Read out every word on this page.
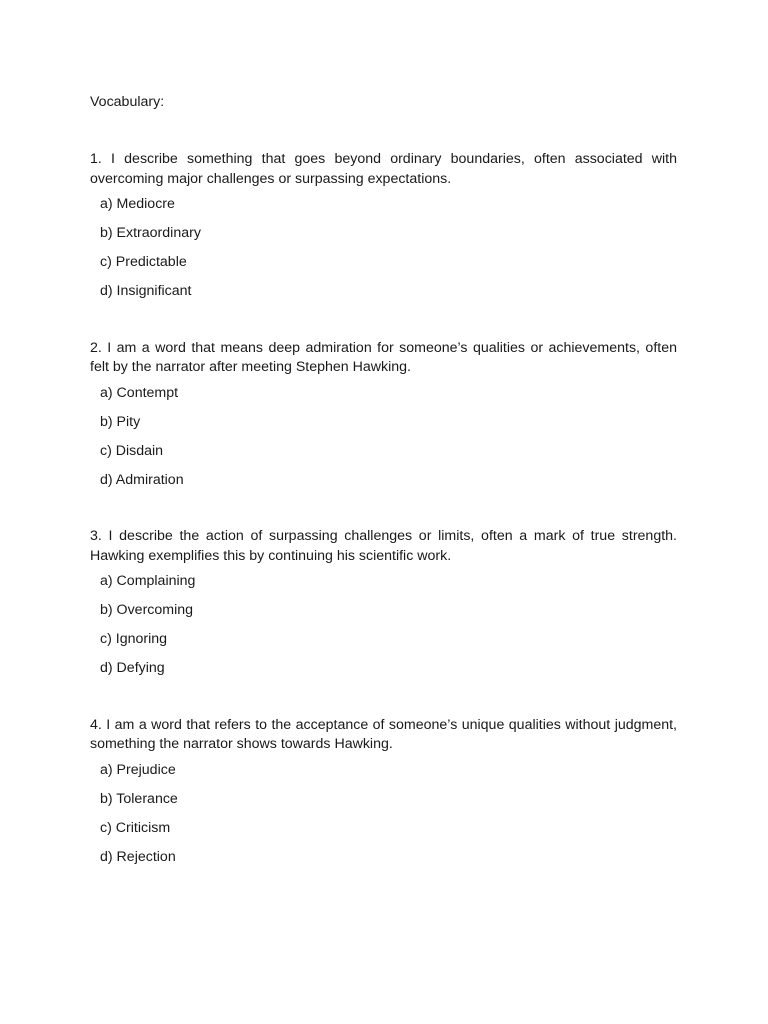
Vocabulary:

1. I describe something that goes beyond ordinary boundaries, often associated with overcoming major challenges or surpassing expectations.

a) Mediocre
b) Extraordinary
c) Predictable
d) Insignificant

2. I am a word that means deep admiration for someone’s qualities or achievements, often felt by the narrator after meeting Stephen Hawking.

a) Contempt
b) Pity
c) Disdain
d) Admiration

3. I describe the action of surpassing challenges or limits, often a mark of true strength. Hawking exemplifies this by continuing his scientific work.

a) Complaining
b) Overcoming
c) Ignoring
d) Defying

4. I am a word that refers to the acceptance of someone’s unique qualities without judgment, something the narrator shows towards Hawking.

a) Prejudice
b) Tolerance
c) Criticism
d) Rejection
